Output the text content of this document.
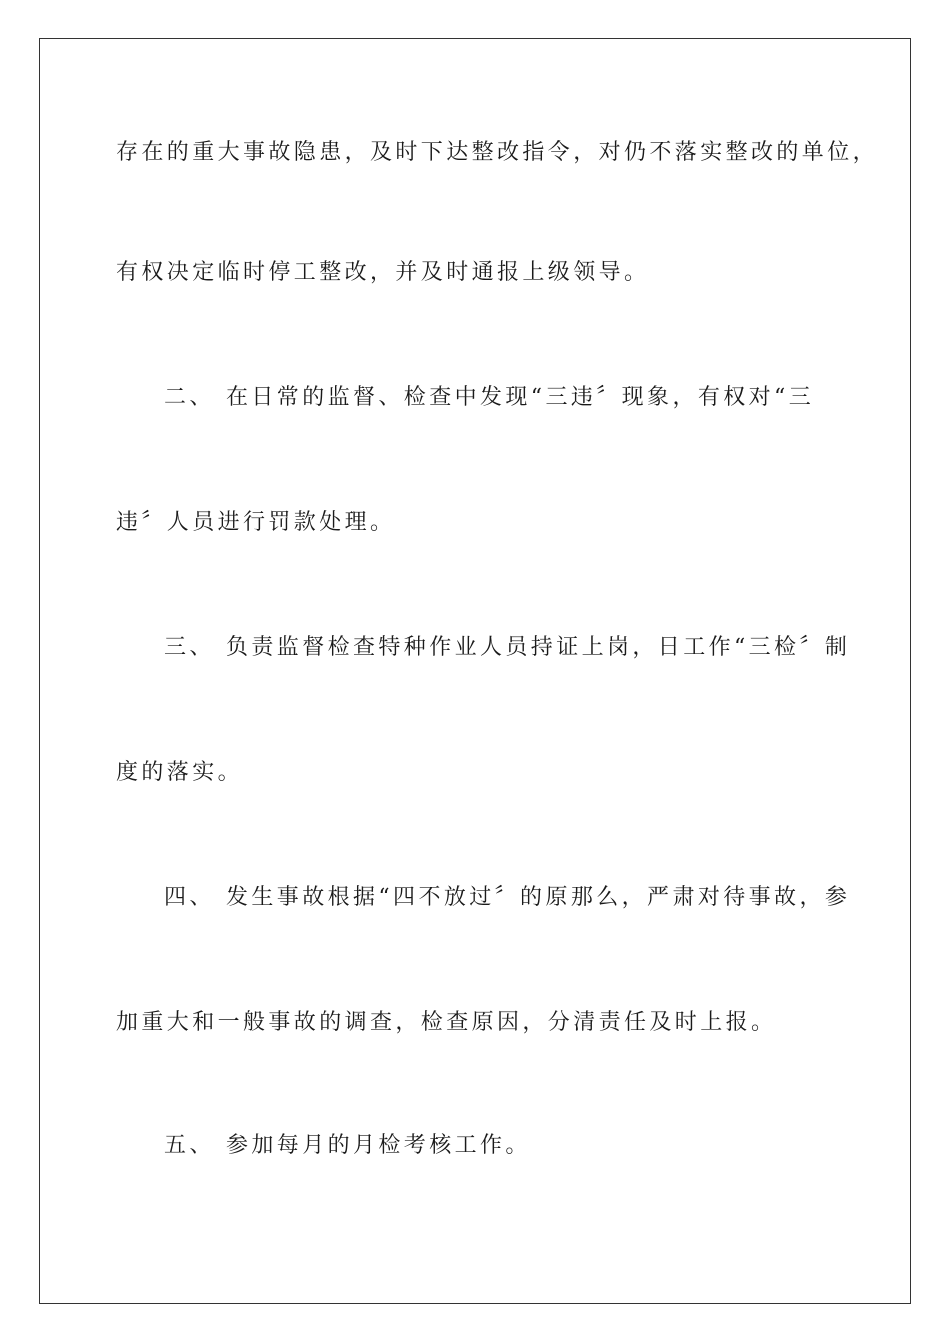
存在的重大事故隐患，及时下达整改指令，对仍不落实整改的单位，
有权决定临时停工整改，并及时通报上级领导。
二、 在日常的监督、检查中发现“三违〞现象，有权对“三
违〞人员进行罚款处理。
三、 负责监督检查特种作业人员持证上岗，日工作“三检〞制
度的落实。
四、 发生事故根据“四不放过〞的原那么，严肃对待事故，参
加重大和一般事故的调查，检查原因，分清责任及时上报。
五、 参加每月的月检考核工作。
